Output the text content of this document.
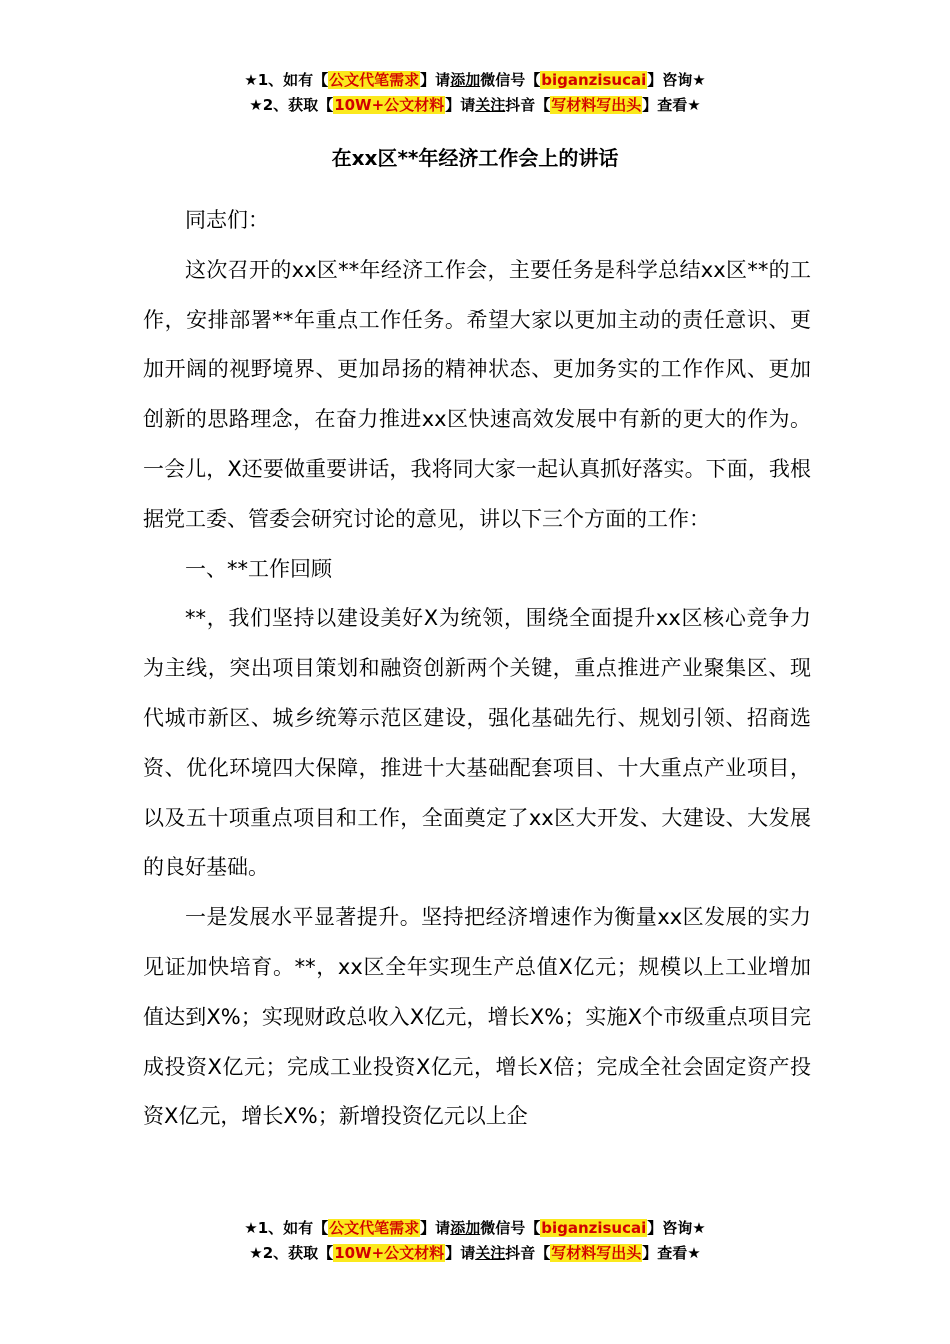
★1、如有【公文代笔需求】请添加微信号【biganzisucai】咨询★
★2、获取【10W+公文材料】请关注抖音【写材料写出头】查看★
在xx区**年经济工作会上的讲话

同志们：

这次召开的xx区**年经济工作会，主要任务是科学总结xx区**的工作，安排部署**年重点工作任务。希望大家以更加主动的责任意识、更加开阔的视野境界、更加昂扬的精神状态、更加务实的工作作风、更加创新的思路理念，在奋力推进xx区快速高效发展中有新的更大的作为。一会儿，X还要做重要讲话，我将同大家一起认真抓好落实。下面，我根据党工委、管委会研究讨论的意见，讲以下三个方面的工作：

一、**工作回顾

**，我们坚持以建设美好X为统领，围绕全面提升xx区核心竞争力为主线，突出项目策划和融资创新两个关键，重点推进产业聚集区、现代城市新区、城乡统筹示范区建设，强化基础先行、规划引领、招商选资、优化环境四大保障，推进十大基础配套项目、十大重点产业项目，以及五十项重点项目和工作，全面奠定了xx区大开发、大建设、大发展的良好基础。

一是发展水平显著提升。坚持把经济增速作为衡量xx区发展的实力见证加快培育。**，xx区全年实现生产总值X亿元；规模以上工业增加值达到X%；实现财政总收入X亿元，增长X%；实施X个市级重点项目完成投资X亿元；完成工业投资X亿元，增长X倍；完成全社会固定资产投资X亿元，增长X%；新增投资亿元以上企

★1、如有【公文代笔需求】请添加微信号【biganzisucai】咨询★
★2、获取【10W+公文材料】请关注抖音【写材料写出头】查看★
